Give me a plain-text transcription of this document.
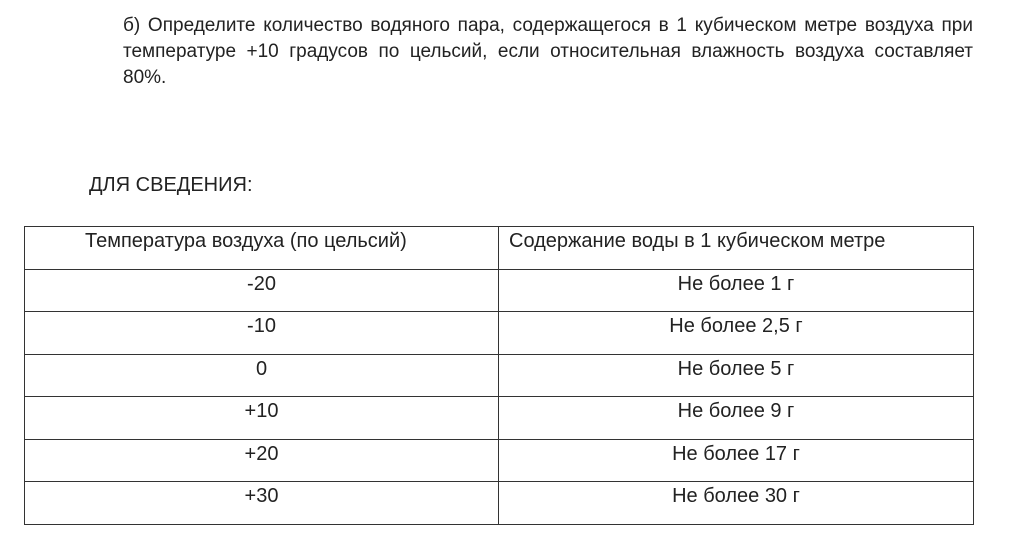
б) Определите количество водяного пара, содержащегося в 1 кубическом метре воздуха при температуре +10 градусов по цельсий, если относительная влажность воздуха составляет 80%.

ДЛЯ СВЕДЕНИЯ:
Температура воздуха (по цельсий)	Содержание воды в 1 кубическом метре
-20	Не более 1 г
-10	Не более 2,5 г
0	Не более 5 г
+10	Не более 9 г
+20	Не более 17 г
+30	Не более 30 г
